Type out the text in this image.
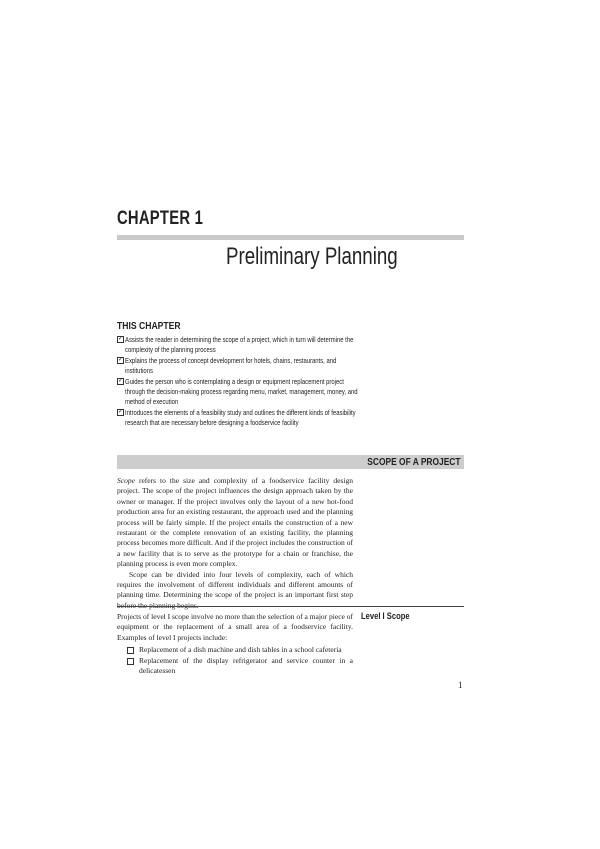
CHAPTER 1
Preliminary Planning
THIS CHAPTER
✓ Assists the reader in determining the scope of a project, which in turn will determine the complexity of the planning process
✓ Explains the process of concept development for hotels, chains, restaurants, and institutions
✓ Guides the person who is contemplating a design or equipment replacement project through the decision-making process regarding menu, market, management, money, and method of execution
✓ Introduces the elements of a feasibility study and outlines the different kinds of feasibility research that are necessary before designing a foodservice facility
SCOPE OF A PROJECT

Scope refers to the size and complexity of a foodservice facility design project. The scope of the project influences the design approach taken by the owner or manager. If the project involves only the layout of a new hot-food production area for an existing restaurant, the approach used and the planning process will be fairly simple. If the project entails the construction of a new restaurant or the complete renovation of an existing facility, the planning process becomes more difficult. And if the project includes the construction of a new facility that is to serve as the prototype for a chain or franchise, the planning process is even more complex.

Scope can be divided into four levels of complexity, each of which requires the involvement of different individuals and different amounts of planning time. Determining the scope of the project is an important first step before the planning begins.

Level I Scope

Projects of level I scope involve no more than the selection of a major piece of equipment or the replacement of a small area of a foodservice facility. Examples of level I projects include:

Replacement of a dish machine and dish tables in a school cafeteria
Replacement of the display refrigerator and service counter in a delicatessen
1
